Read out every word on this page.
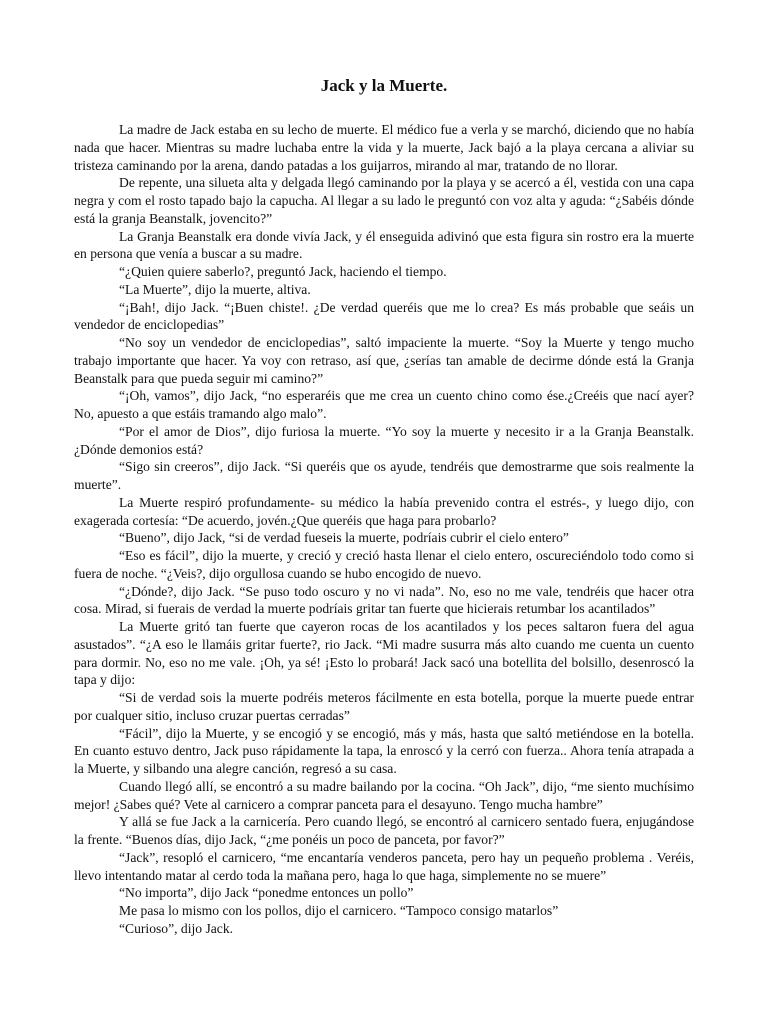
Jack y la Muerte.

La madre de Jack estaba en su lecho de muerte. El médico fue a verla y se marchó, diciendo que no había nada que hacer. Mientras su madre luchaba entre la vida y la muerte, Jack bajó a la playa cercana a aliviar su tristeza caminando por la arena, dando patadas a los guijarros, mirando al mar, tratando de no llorar.

De repente, una silueta alta y delgada llegó caminando por la playa y se acercó a él, vestida con una capa negra y com el rosto tapado bajo la capucha. Al llegar a su lado le preguntó con voz alta y aguda: “¿Sabéis dónde está la granja Beanstalk, jovencito?”

La Granja Beanstalk era donde vivía Jack, y él enseguida adivinó que esta figura sin rostro era la muerte en persona que venía a buscar a su madre.

“¿Quien quiere saberlo?, preguntó Jack, haciendo el tiempo.

“La Muerte”, dijo la muerte, altiva.

“¡Bah!, dijo Jack. “¡Buen chiste!. ¿De verdad queréis que me lo crea? Es más probable que seáis un vendedor de enciclopedias”

“No soy un vendedor de enciclopedias”, saltó impaciente la muerte. “Soy la Muerte y tengo mucho trabajo importante que hacer. Ya voy con retraso, así que, ¿serías tan amable de decirme dónde está la Granja Beanstalk para que pueda seguir mi camino?”

“¡Oh, vamos”, dijo Jack, “no esperaréis que me crea un cuento chino como ése.¿Creéis que nací ayer? No, apuesto a que estáis tramando algo malo”.

“Por el amor de Dios”, dijo furiosa la muerte. “Yo soy la muerte y necesito ir a la Granja Beanstalk. ¿Dónde demonios está?

“Sigo sin creeros”, dijo Jack. “Si queréis que os ayude, tendréis que demostrarme que sois realmente la muerte”.

La Muerte respiró profundamente- su médico la había prevenido contra el estrés-, y luego dijo, con exagerada cortesía: “De acuerdo, jovén.¿Que queréis que haga para probarlo?

“Bueno”, dijo Jack, “si de verdad fueseis la muerte, podríais cubrir el cielo entero”

“Eso es fácil”, dijo la muerte, y creció y creció hasta llenar el cielo entero, oscureciéndolo todo como si fuera de noche. “¿Veis?, dijo orgullosa cuando se hubo encogido de nuevo.

“¿Dónde?, dijo Jack. “Se puso todo oscuro y no vi nada”. No, eso no me vale, tendréis que hacer otra cosa. Mirad, si fuerais de verdad la muerte podríais gritar tan fuerte que hicierais retumbar los acantilados”

La Muerte gritó tan fuerte que cayeron rocas de los acantilados y los peces saltaron fuera del agua asustados”. “¿A eso le llamáis gritar fuerte?, rio Jack. “Mi madre susurra más alto cuando me cuenta un cuento para dormir. No, eso no me vale. ¡Oh, ya sé! ¡Esto lo probará! Jack sacó una botellita del bolsillo, desenroscó la tapa y dijo:

“Si de verdad sois la muerte podréis meteros fácilmente en esta botella, porque la muerte puede entrar por cualquer sitio, incluso cruzar puertas cerradas”

“Fácil”, dijo la Muerte, y se encogió y se encogió, más y más, hasta que saltó metiéndose en la botella. En cuanto estuvo dentro, Jack puso rápidamente la tapa, la enroscó y la cerró con fuerza.. Ahora tenía atrapada a la Muerte, y silbando una alegre canción, regresó a su casa.

Cuando llegó allí, se encontró a su madre bailando por la cocina. “Oh Jack”, dijo, “me siento muchísimo mejor! ¿Sabes qué? Vete al carnicero a comprar panceta para el desayuno. Tengo mucha hambre”

Y allá se fue Jack a la carnicería. Pero cuando llegó, se encontró al carnicero sentado fuera, enjugándose la frente. “Buenos días, dijo Jack, “¿me ponéis un poco de panceta, por favor?”

“Jack”, resopló el carnicero, “me encantaría venderos panceta, pero hay un pequeño problema . Veréis, llevo intentando matar al cerdo toda la mañana pero, haga lo que haga, simplemente no se muere”

“No importa”, dijo Jack “ponedme entonces un pollo”

Me pasa lo mismo con los pollos, dijo el carnicero. “Tampoco consigo matarlos”

“Curioso”, dijo Jack.
